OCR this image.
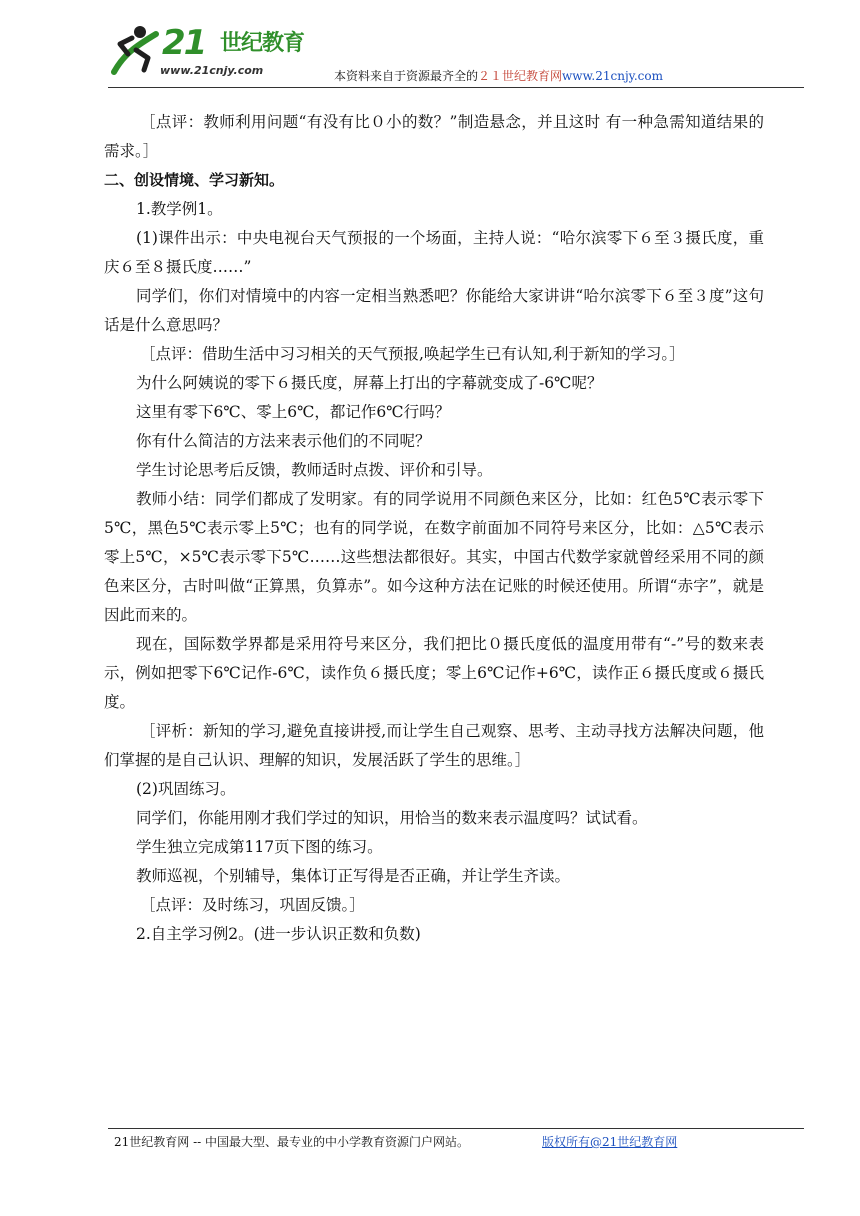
21 世纪教育
www.21cnjy.com	本资料来自于资源最齐全的２１世纪教育网www.21cnjy.com

［点评：教师利用问题“有没有比０小的数？”制造悬念，并且这时 有一种急需知道结果的需求。］

二、创设情境、学习新知。

1.教学例1。

(1)课件出示：中央电视台天气预报的一个场面，主持人说：“哈尔滨零下６至３摄氏度，重庆６至８摄氏度……”

同学们，你们对情境中的内容一定相当熟悉吧？你能给大家讲讲“哈尔滨零下６至３度”这句话是什么意思吗？

［点评：借助生活中习习相关的天气预报,唤起学生已有认知,利于新知的学习。］

为什么阿姨说的零下６摄氏度，屏幕上打出的字幕就变成了-6℃呢？

这里有零下6℃、零上6℃，都记作6℃行吗？

你有什么简洁的方法来表示他们的不同呢？

学生讨论思考后反馈，教师适时点拨、评价和引导。

教师小结：同学们都成了发明家。有的同学说用不同颜色来区分，比如：红色5℃表示零下5℃，黑色5℃表示零上5℃；也有的同学说，在数字前面加不同符号来区分，比如：△5℃表示零上5℃，×5℃表示零下5℃……这些想法都很好。其实，中国古代数学家就曾经采用不同的颜色来区分，古时叫做“正算黑，负算赤”。如今这种方法在记账的时候还使用。所谓“赤字”，就是因此而来的。

现在，国际数学界都是采用符号来区分，我们把比０摄氏度低的温度用带有“-”号的数来表示，例如把零下6℃记作-6℃，读作负６摄氏度；零上6℃记作+6℃，读作正６摄氏度或６摄氏度。

［评析：新知的学习,避免直接讲授,而让学生自己观察、思考、主动寻找方法解决问题，他们掌握的是自己认识、理解的知识，发展活跃了学生的思维。］

(2)巩固练习。

同学们，你能用刚才我们学过的知识，用恰当的数来表示温度吗？试试看。

学生独立完成第117页下图的练习。

教师巡视，个别辅导，集体订正写得是否正确，并让学生齐读。

［点评：及时练习，巩固反馈。］

2.自主学习例2。(进一步认识正数和负数)

21世纪教育网 -- 中国最大型、最专业的中小学教育资源门户网站。	版权所有@21世纪教育网
